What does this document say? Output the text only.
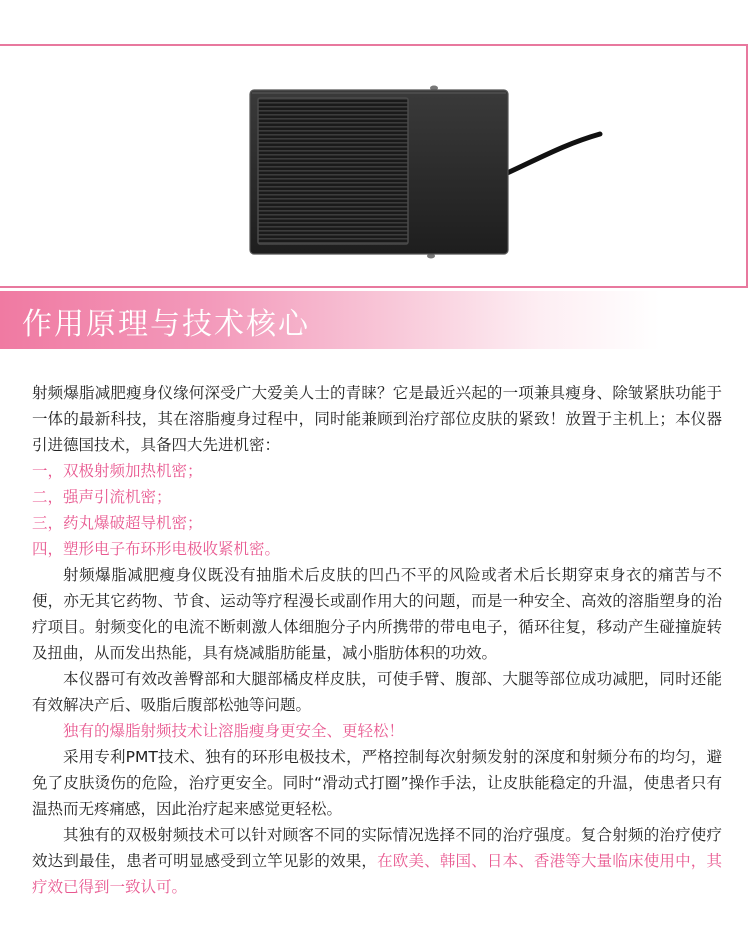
作用原理与技术核心

射频爆脂减肥瘦身仪缘何深受广大爱美人士的青睐？它是最近兴起的一项兼具瘦身、除皱紧肤功能于一体的最新科技，其在溶脂瘦身过程中，同时能兼顾到治疗部位皮肤的紧致！放置于主机上；本仪器引进德国技术，具备四大先进机密：

一，双极射频加热机密；

二，强声引流机密；

三，药丸爆破超导机密；

四，塑形电子布环形电极收紧机密。

射频爆脂减肥瘦身仪既没有抽脂术后皮肤的凹凸不平的风险或者术后长期穿束身衣的痛苦与不便，亦无其它药物、节食、运动等疗程漫长或副作用大的问题，而是一种安全、高效的溶脂塑身的治疗项目。射频变化的电流不断刺激人体细胞分子内所携带的带电电子，循环往复，移动产生碰撞旋转及扭曲，从而发出热能，具有烧减脂肪能量，减小脂肪体积的功效。

本仪器可有效改善臀部和大腿部橘皮样皮肤，可使手臂、腹部、大腿等部位成功减肥，同时还能有效解决产后、吸脂后腹部松弛等问题。

独有的爆脂射频技术让溶脂瘦身更安全、更轻松！

采用专利PMT技术、独有的环形电极技术，严格控制每次射频发射的深度和射频分布的均匀，避免了皮肤烫伤的危险，治疗更安全。同时“滑动式打圈”操作手法，让皮肤能稳定的升温，使患者只有温热而无疼痛感，因此治疗起来感觉更轻松。

其独有的双极射频技术可以针对顾客不同的实际情况选择不同的治疗强度。复合射频的治疗使疗效达到最佳，患者可明显感受到立竿见影的效果，在欧美、韩国、日本、香港等大量临床使用中，其疗效已得到一致认可。
